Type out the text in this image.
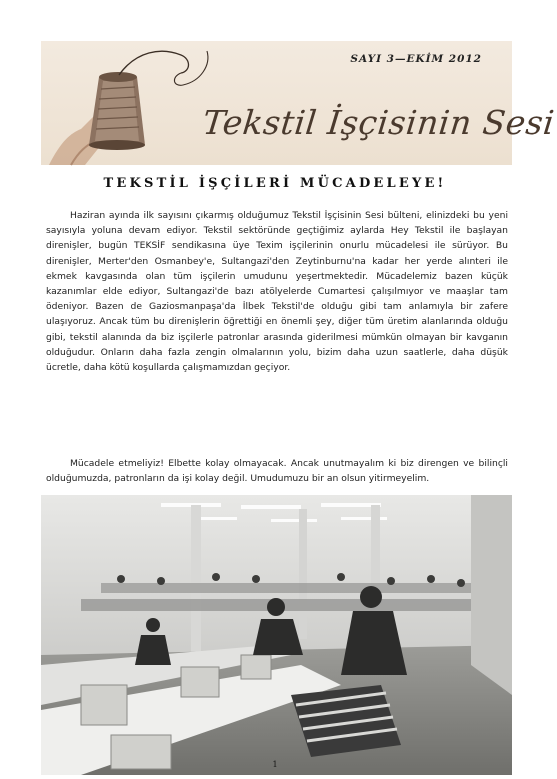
SAYI 3—EKİM 2012
Tekstil İşçisinin Sesi
TEKSTİL İŞÇİLERİ MÜCADELEYE!

Haziran ayında ilk sayısını çıkarmış olduğumuz Tekstil İşçisinin Sesi bülteni, elinizdeki bu yeni sayısıyla yoluna devam ediyor. Tekstil sektöründe geçtiğimiz aylarda Hey Tekstil ile başlayan direnişler, bugün TEKSİF sendikasına üye Texim işçilerinin onurlu mücadelesi ile sürüyor. Bu direnişler, Merter'den Osmanbey'e, Sultangazi'den Zeytinburnu'na kadar her yerde alınteri ile ekmek kavgasında olan tüm işçilerin umudunu yeşertmektedir. Mücadelemiz bazen küçük kazanımlar elde ediyor, Sultangazi'de bazı atölyelerde Cumartesi çalışılmıyor ve maaşlar tam ödeniyor. Bazen de Gaziosmanpaşa'da İlbek Tekstil'de olduğu gibi tam anlamıyla bir zafere ulaşıyoruz. Ancak tüm bu direnişlerin öğrettiği en önemli şey, diğer tüm üretim alanlarında olduğu gibi, tekstil alanında da biz işçilerle patronlar arasında giderilmesi mümkün olmayan bir kavganın olduğudur. Onların daha fazla zengin olmalarının yolu, bizim daha uzun saatlerle, daha düşük ücretle, daha kötü koşullarda çalışmamızdan geçiyor.

Mücadele etmeliyiz! Elbette kolay olmayacak. Ancak unutmayalım ki biz direngen ve bilinçli olduğumuzda, patronların da işi kolay değil. Umudumuzu bir an olsun yitirmeyelim.

1
